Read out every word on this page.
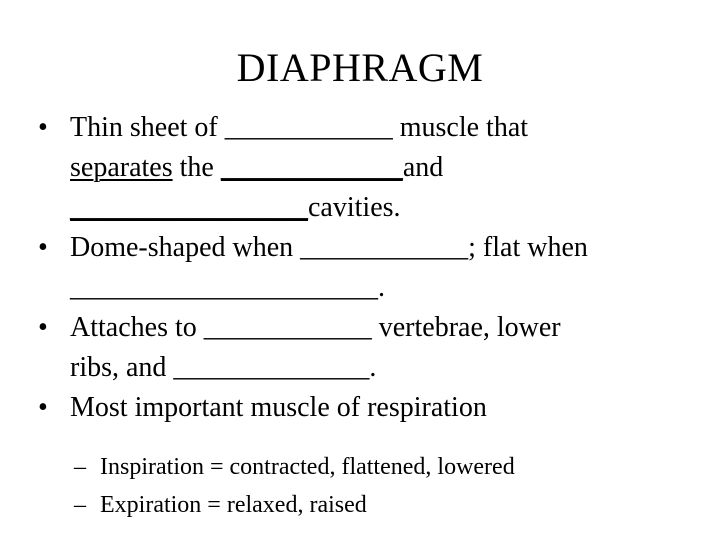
DIAPHRAGM
• Thin sheet of ____________ muscle that
separates the _____________and
_________________cavities.
• Dome-shaped when ____________; flat when
______________________.
• Attaches to ____________ vertebrae, lower
ribs, and ______________.
• Most important muscle of respiration
– Inspiration = contracted, flattened, lowered
– Expiration = relaxed, raised
